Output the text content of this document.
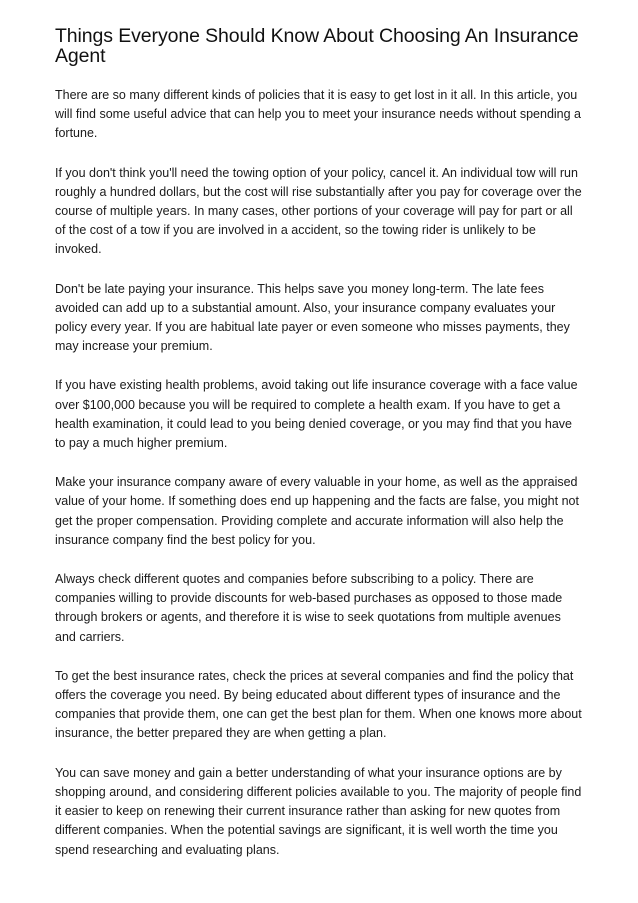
Things Everyone Should Know About Choosing An Insurance Agent

There are so many different kinds of policies that it is easy to get lost in it all. In this article, you will find some useful advice that can help you to meet your insurance needs without spending a fortune.

If you don't think you'll need the towing option of your policy, cancel it. An individual tow will run roughly a hundred dollars, but the cost will rise substantially after you pay for coverage over the course of multiple years. In many cases, other portions of your coverage will pay for part or all of the cost of a tow if you are involved in a accident, so the towing rider is unlikely to be invoked.

Don't be late paying your insurance. This helps save you money long-term. The late fees avoided can add up to a substantial amount. Also, your insurance company evaluates your policy every year. If you are habitual late payer or even someone who misses payments, they may increase your premium.

If you have existing health problems, avoid taking out life insurance coverage with a face value over $100,000 because you will be required to complete a health exam. If you have to get a health examination, it could lead to you being denied coverage, or you may find that you have to pay a much higher premium.

Make your insurance company aware of every valuable in your home, as well as the appraised value of your home. If something does end up happening and the facts are false, you might not get the proper compensation. Providing complete and accurate information will also help the insurance company find the best policy for you.

Always check different quotes and companies before subscribing to a policy. There are companies willing to provide discounts for web-based purchases as opposed to those made through brokers or agents, and therefore it is wise to seek quotations from multiple avenues and carriers.

To get the best insurance rates, check the prices at several companies and find the policy that offers the coverage you need. By being educated about different types of insurance and the companies that provide them, one can get the best plan for them. When one knows more about insurance, the better prepared they are when getting a plan.

You can save money and gain a better understanding of what your insurance options are by shopping around, and considering different policies available to you. The majority of people find it easier to keep on renewing their current insurance rather than asking for new quotes from different companies. When the potential savings are significant, it is well worth the time you spend researching and evaluating plans.
